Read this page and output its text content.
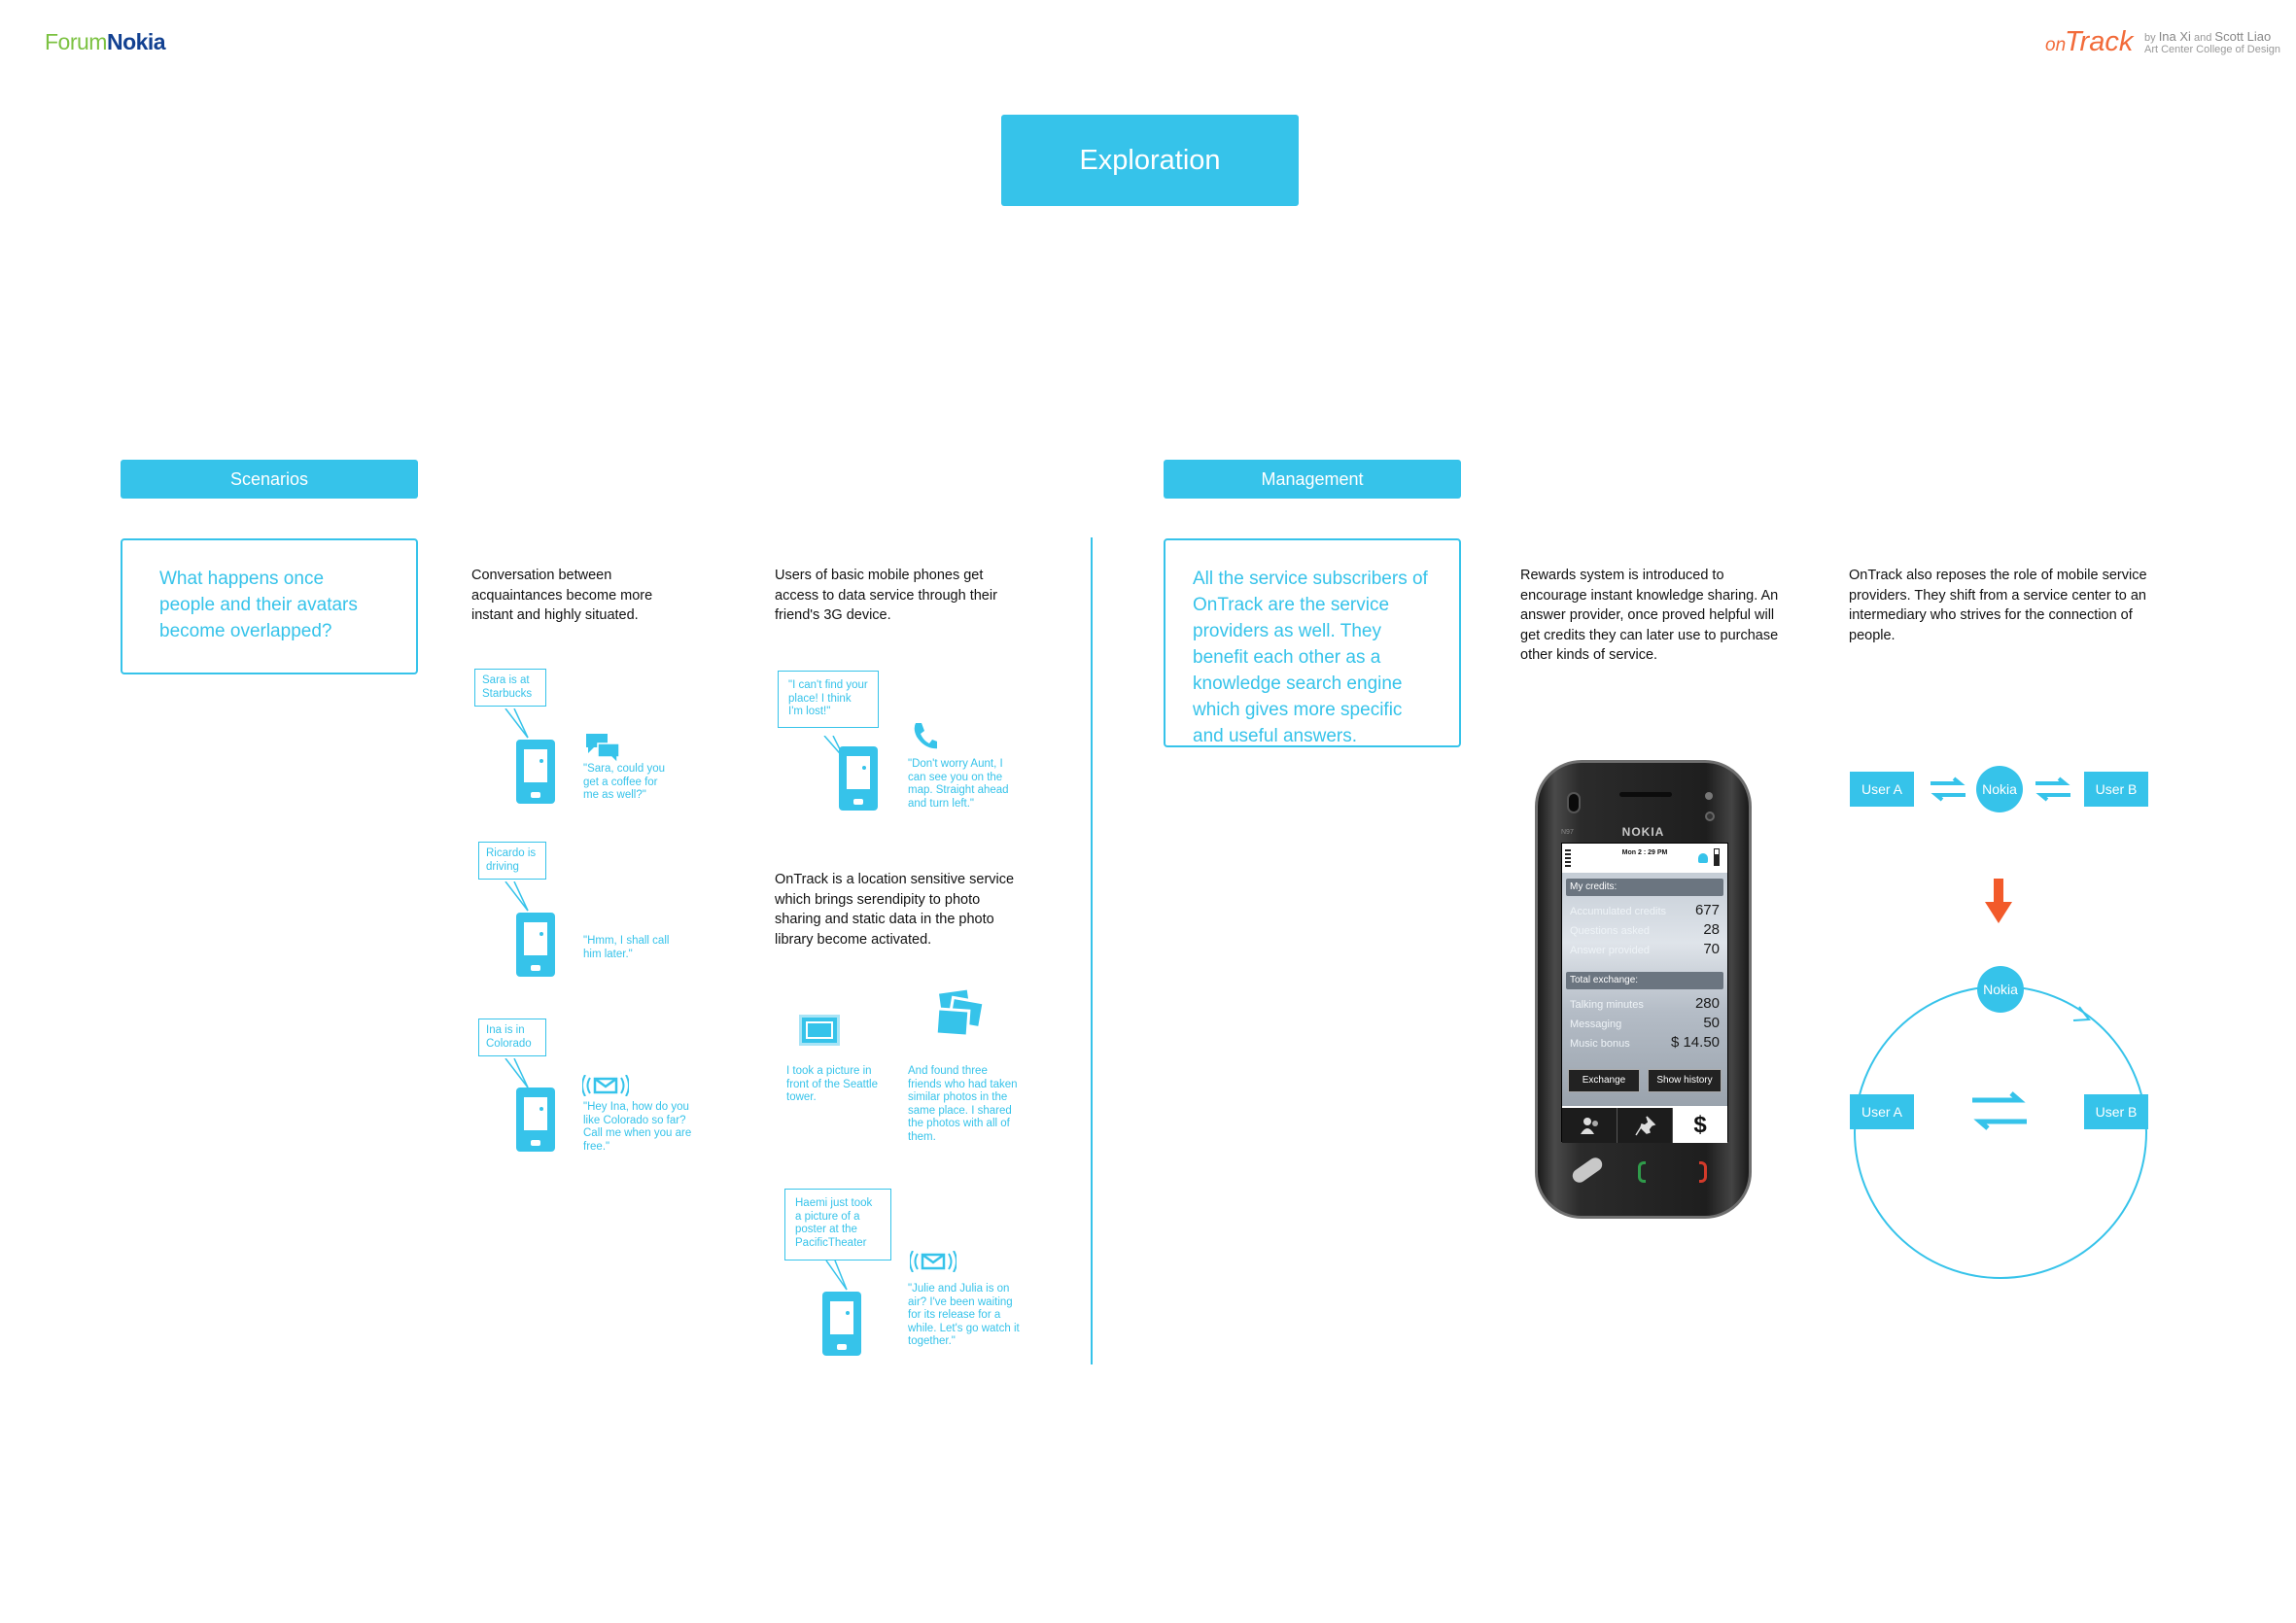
ForumNokia	on
Track by Ina Xi and Scott Liao
Art Center College of Design
Exploration
Scenarios
What happens once people and their avatars become overlapped?
Conversation between acquaintances become more instant and highly situated.
Sara is at Starbucks
"Sara, could you get a coffee for me as well?"
Ricardo is driving
"Hmm, I shall call him later."
Ina is in Colorado
"Hey Ina, how do you like Colorado so far? Call me when you are free."
Users of basic mobile phones get access to data service through their friend's 3G device.
"I can't find your place! I think I'm lost!"
"Don't worry Aunt, I can see you on the map. Straight ahead and turn left."
OnTrack is a location sensitive service which brings serendipity to photo sharing and static data in the photo library become activated.
I took a picture in front of the Seattle tower.
And found three friends who had taken similar photos in the same place. I shared the photos with all of them.
Haemi just took a picture of a poster at the PacificTheater
"Julie and Julia is on air? I've been waiting for its release for a while. Let's go watch it together."
Management
All the service subscribers of OnTrack are the service providers as well. They benefit each other as a knowledge search engine which gives more specific and useful answers.
Rewards system is introduced to encourage instant knowledge sharing. An answer provider, once proved helpful will get credits they can later use to purchase other kinds of service.
OnTrack also reposes the role of mobile service providers. They shift from a service center to an intermediary who strives for the connection of people.
NOKIA
N97
Mon 2 : 29 PM
My credits:
Accumulated credits 677
Questions asked	28
Answer provided	70
Total exchange:
Talking minutes	280
Messaging	50
Music bonus	$ 14.50
Exchange	Show history
$
User A	Nokia	User B
Nokia
User A	User B
